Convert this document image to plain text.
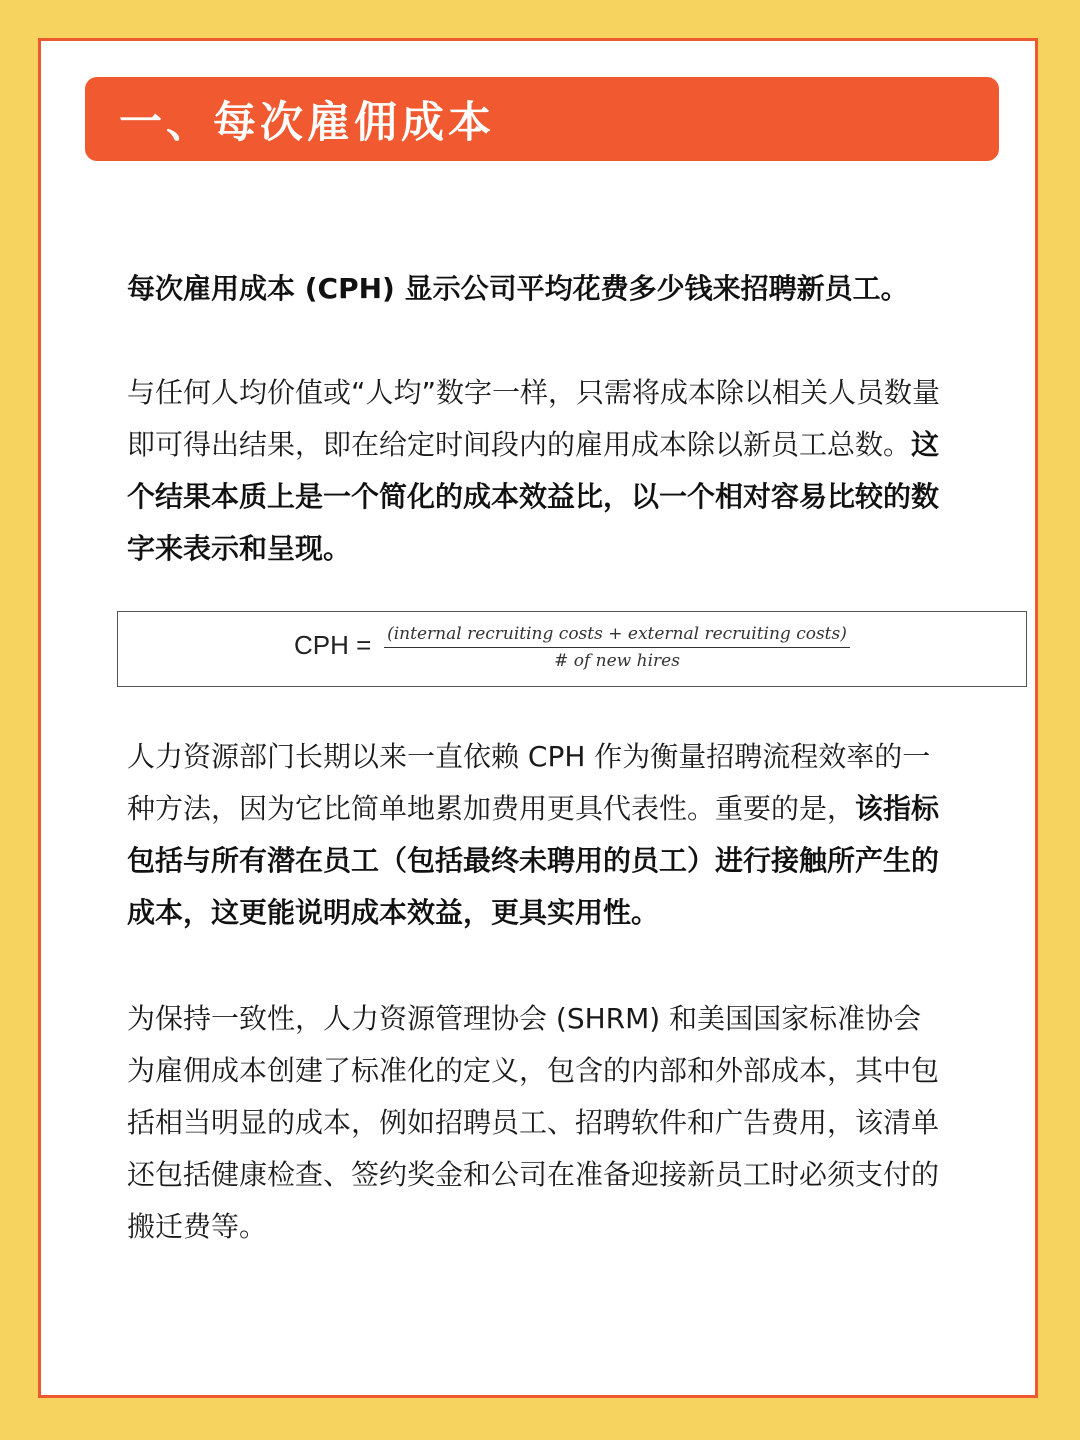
一、每次雇佣成本
每次雇用成本 (CPH) 显示公司平均花费多少钱来招聘新员工。
与任何人均价值或“人均”数字一样，只需将成本除以相关人员数量即可得出结果，即在给定时间段内的雇用成本除以新员工总数。这个结果本质上是一个简化的成本效益比，以一个相对容易比较的数字来表示和呈现。
CPH = (internal recruiting costs + external recruiting costs)
# of new hires
人力资源部门长期以来一直依赖 CPH 作为衡量招聘流程效率的一种方法，因为它比简单地累加费用更具代表性。重要的是，该指标包括与所有潜在员工（包括最终未聘用的员工）进行接触所产生的成本，这更能说明成本效益，更具实用性。
为保持一致性，人力资源管理协会 (SHRM) 和美国国家标准协会为雇佣成本创建了标准化的定义，包含的内部和外部成本，其中包括相当明显的成本，例如招聘员工、招聘软件和广告费用，该清单还包括健康检查、签约奖金和公司在准备迎接新员工时必须支付的搬迁费等。
